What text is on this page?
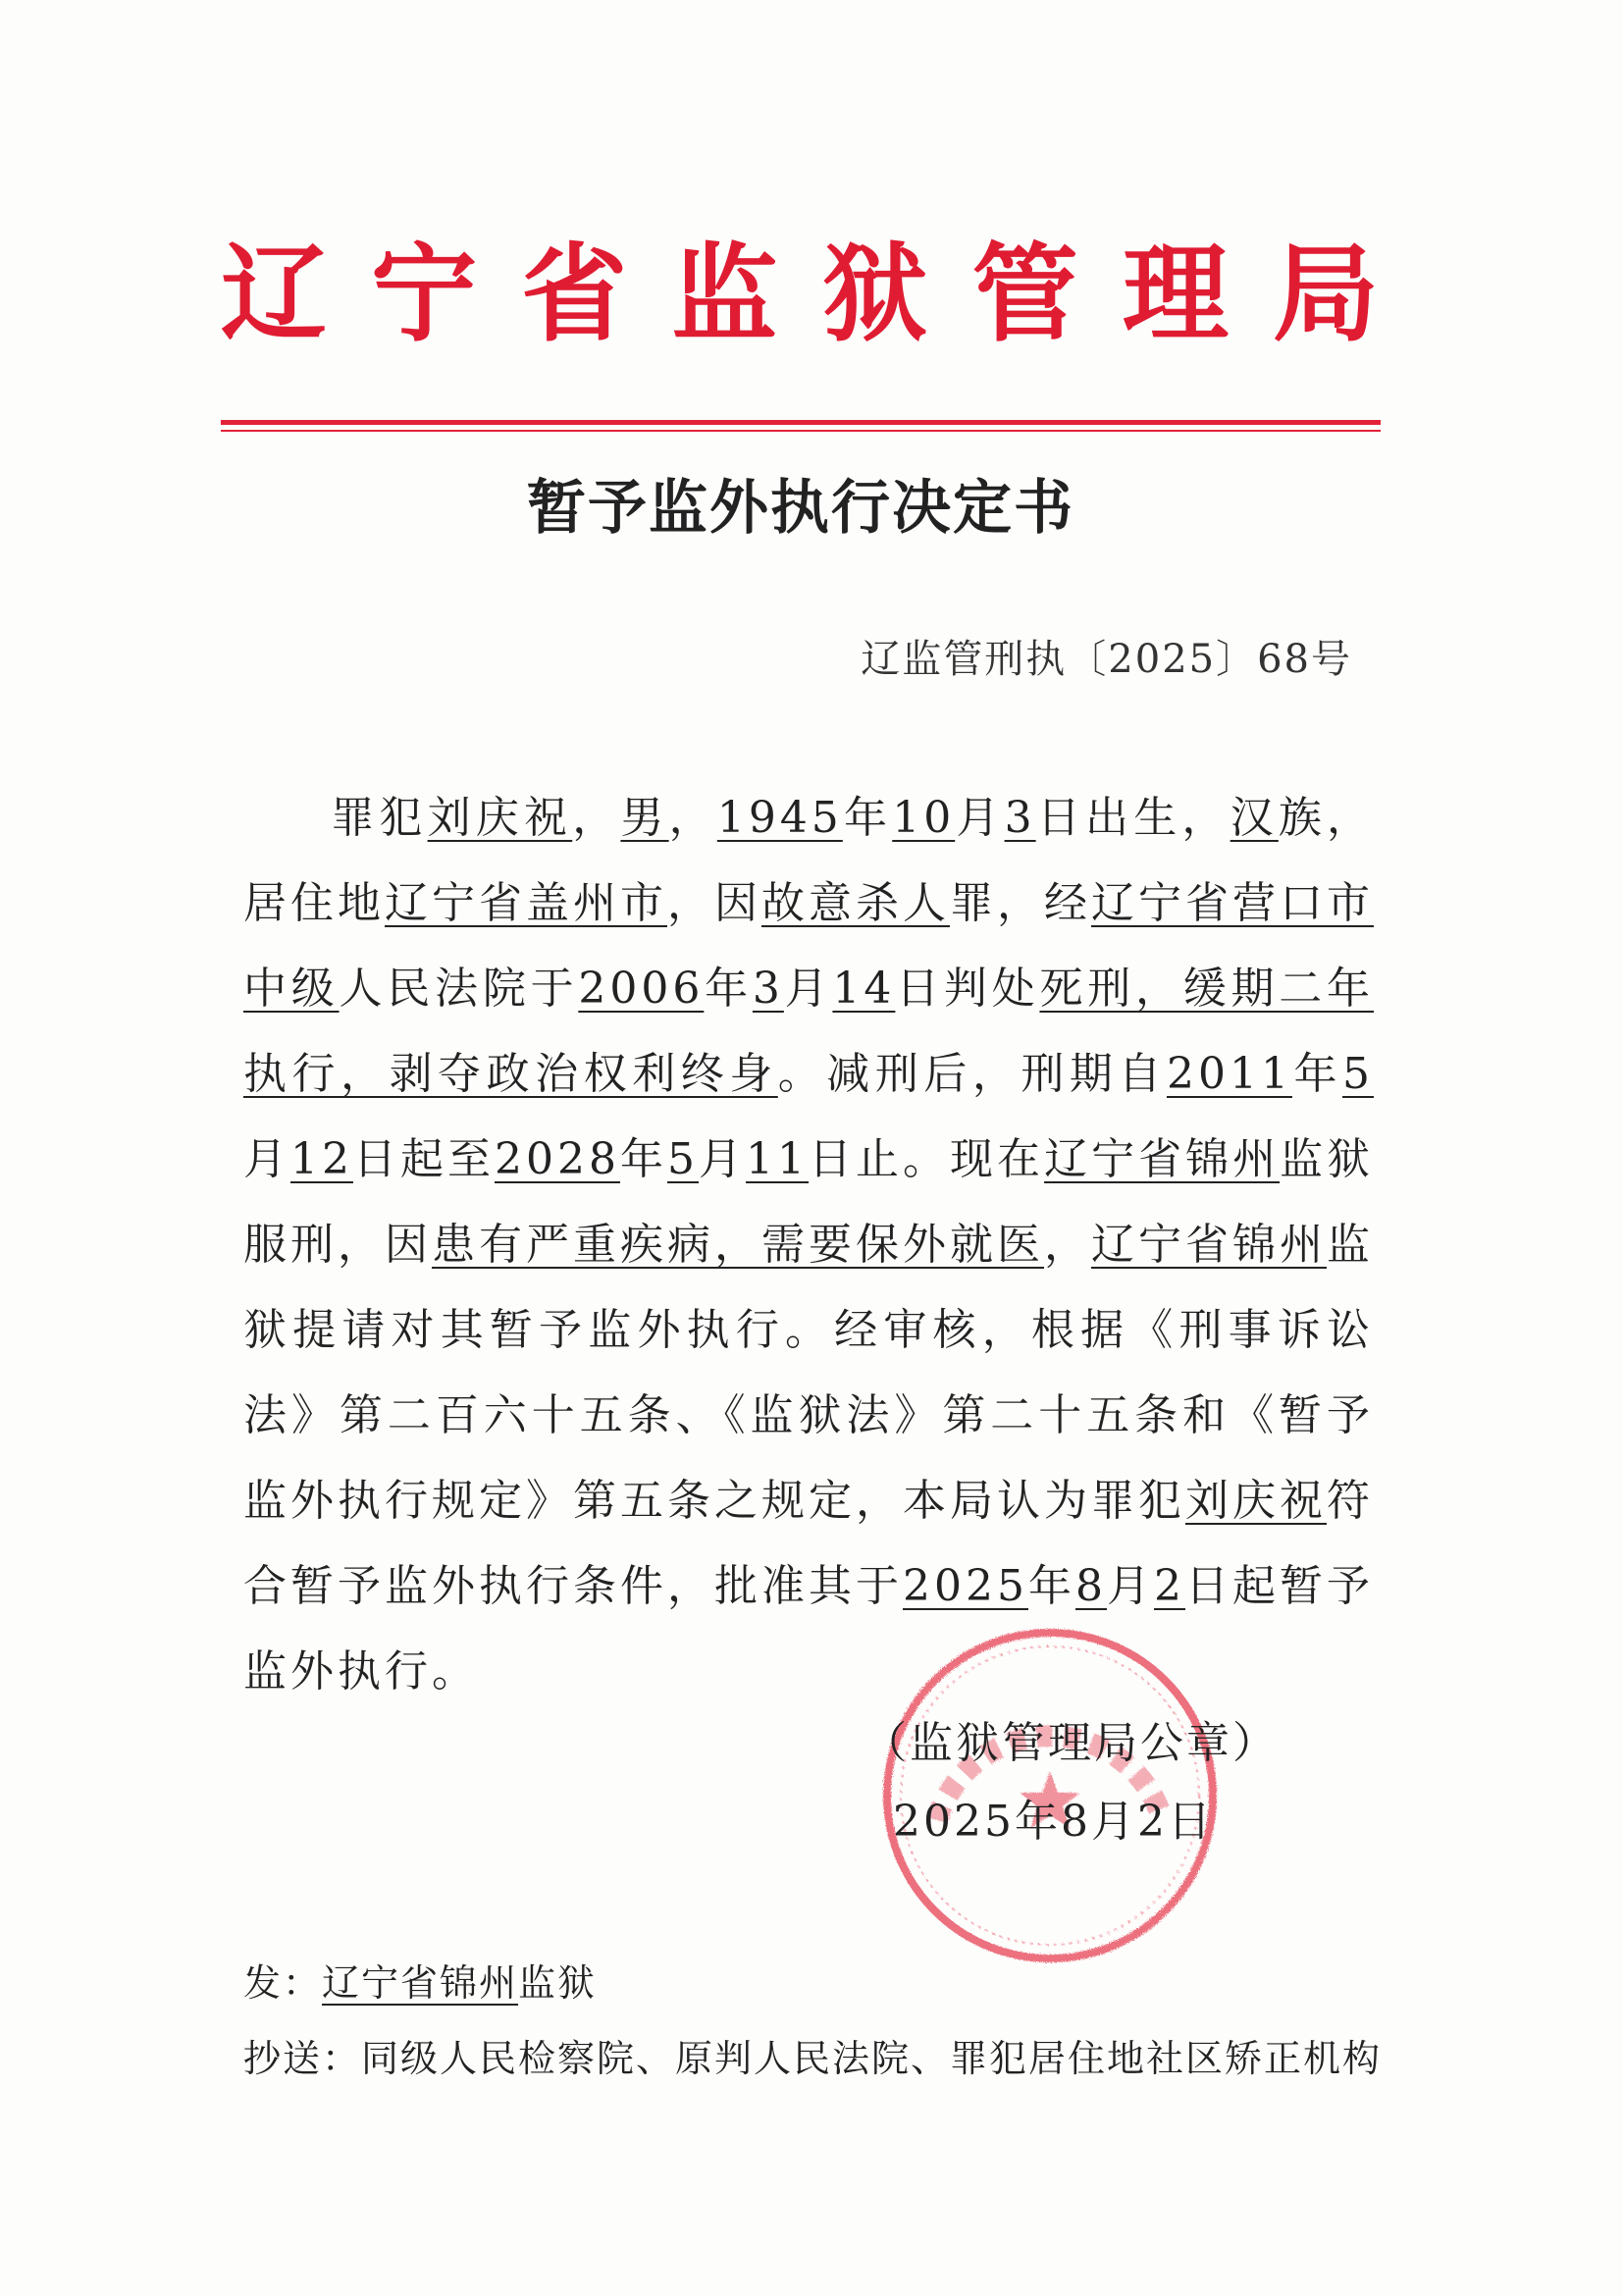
辽 宁 省 监 狱 管 理 局
暂予监外执行决定书
辽监管刑执〔2025〕68号
罪犯刘庆祝，男，1945年10月3日出生，汉族，居住地辽宁省盖州市，因故意杀人罪，经辽宁省营口市中级人民法院于2006年3月14日判处死刑，缓期二年执行，剥夺政治权利终身。减刑后，刑期自2011年5月12日起至2028年5月11日止。现在辽宁省锦州监狱服刑，因患有严重疾病，需要保外就医，辽宁省锦州监狱提请对其暂予监外执行。经审核，根据《刑事诉讼法》第二百六十五条、《监狱法》第二十五条和《暂予监外执行规定》第五条之规定，本局认为罪犯刘庆祝符合暂予监外执行条件，批准其于2025年8月2日起暂予监外执行。
（监狱管理局公章）
2025年8月2日
发：辽宁省锦州监狱
抄送：同级人民检察院、原判人民法院、罪犯居住地社区矫正机构
